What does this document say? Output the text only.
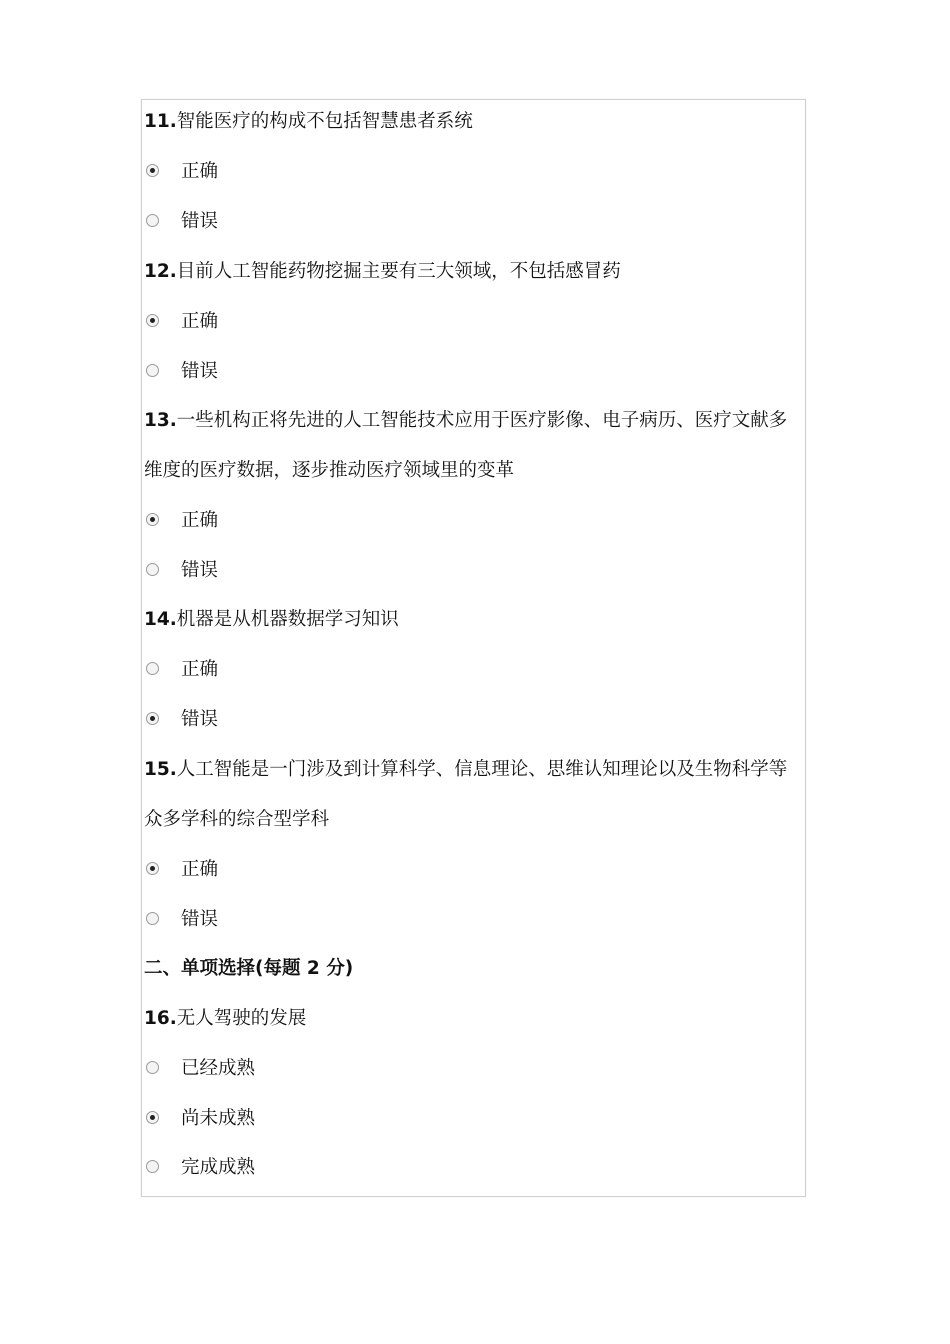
11.智能医疗的构成不包括智慧患者系统
正确
错误
12.目前人工智能药物挖掘主要有三大领域，不包括感冒药
正确
错误
13.一些机构正将先进的人工智能技术应用于医疗影像、电子病历、医疗文献多
维度的医疗数据，逐步推动医疗领域里的变革
正确
错误
14.机器是从机器数据学习知识
正确
错误
15.人工智能是一门涉及到计算科学、信息理论、思维认知理论以及生物科学等
众多学科的综合型学科
正确
错误
二、单项选择(每题 2 分)
16.无人驾驶的发展
已经成熟
尚未成熟
完成成熟
